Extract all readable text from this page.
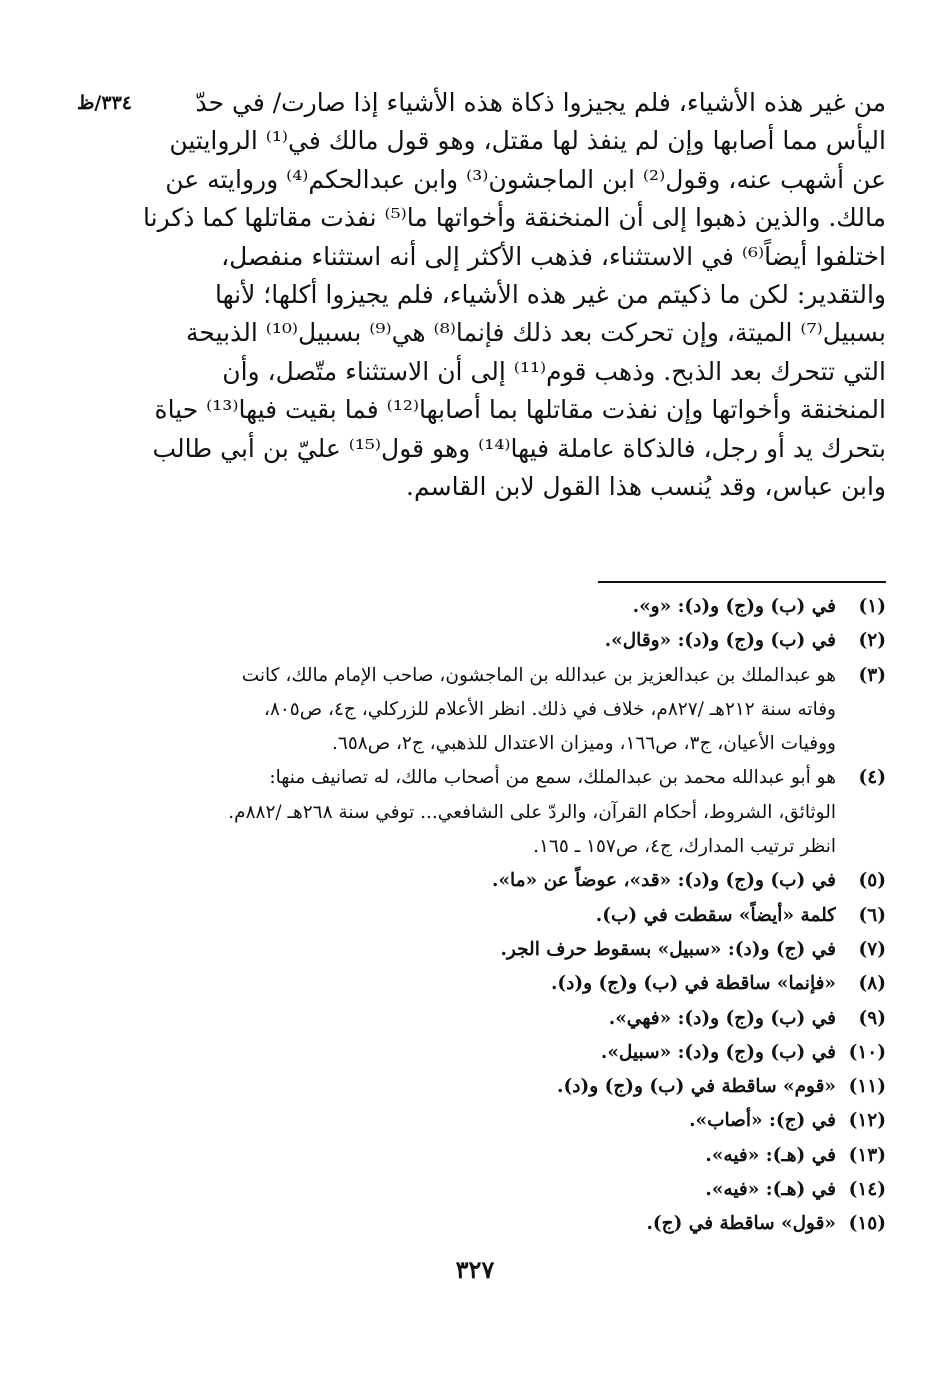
٣٣٤/ظ	من غير هذه الأشياء، فلم يجيزوا ذكاة هذه الأشياء إذا صارت/ في حدّ
اليأس مما أصابها وإن لم ينفذ لها مقتل، وهو قول مالك في⁽¹⁾ الروايتين
عن أشهب عنه، وقول⁽²⁾ ابن الماجشون⁽³⁾ وابن عبدالحكم⁽⁴⁾ وروايته عن
مالك. والذين ذهبوا إلى أن المنخنقة وأخواتها ما⁽⁵⁾ نفذت مقاتلها كما ذكرنا
اختلفوا أيضاً⁽⁶⁾ في الاستثناء، فذهب الأكثر إلى أنه استثناء منفصل،
والتقدير: لكن ما ذكيتم من غير هذه الأشياء، فلم يجيزوا أكلها؛ لأنها
بسبيل⁽⁷⁾ الميتة، وإن تحركت بعد ذلك فإنما⁽⁸⁾ هي⁽⁹⁾ بسبيل⁽¹⁰⁾ الذبيحة
التي تتحرك بعد الذبح. وذهب قوم⁽¹¹⁾ إلى أن الاستثناء متّصل، وأن
المنخنقة وأخواتها وإن نفذت مقاتلها بما أصابها⁽¹²⁾ فما بقيت فيها⁽¹³⁾ حياة
بتحرك يد أو رجل، فالذكاة عاملة فيها⁽¹⁴⁾ وهو قول⁽¹⁵⁾ عليّ بن أبي طالب
وابن عباس، وقد يُنسب هذا القول لابن القاسم.
(١)
في (ب) و(ج) و(د): «و».
(٢)
في (ب) و(ج) و(د): «وقال».
(٣)
هو عبدالملك بن عبدالعزيز بن عبدالله بن الماجشون، صاحب الإمام مالك، كانت
وفاته سنة ٢١٢هـ /٨٢٧م، خلاف في ذلك. انظر الأعلام للزركلي، ج٤، ص٨٠٥،
ووفيات الأعيان، ج٣، ص١٦٦، وميزان الاعتدال للذهبي، ج٢، ص٦٥٨.
(٤)
هو أبو عبدالله محمد بن عبدالملك، سمع من أصحاب مالك، له تصانيف منها:
الوثائق، الشروط، أحكام القرآن، والردّ على الشافعي... توفي سنة ٢٦٨هـ /٨٨٢م.
انظر ترتيب المدارك، ج٤، ص١٥٧ ـ ١٦٥.
(٥)
في (ب) و(ج) و(د): «قد»، عوضاً عن «ما».
(٦)
كلمة «أيضاً» سقطت في (ب).
(٧)
في (ج) و(د): «سبيل» بسقوط حرف الجر.
(٨)
«فإنما» ساقطة في (ب) و(ج) و(د).
(٩)
في (ب) و(ج) و(د): «فهي».
(١٠)
في (ب) و(ج) و(د): «سبيل».
(١١)
«قوم» ساقطة في (ب) و(ج) و(د).
(١٢)
في (ج): «أصاب».
(١٣)
في (هـ): «فيه».
(١٤)
في (هـ): «فيه».
(١٥)
«قول» ساقطة في (ج).
٣٢٧
